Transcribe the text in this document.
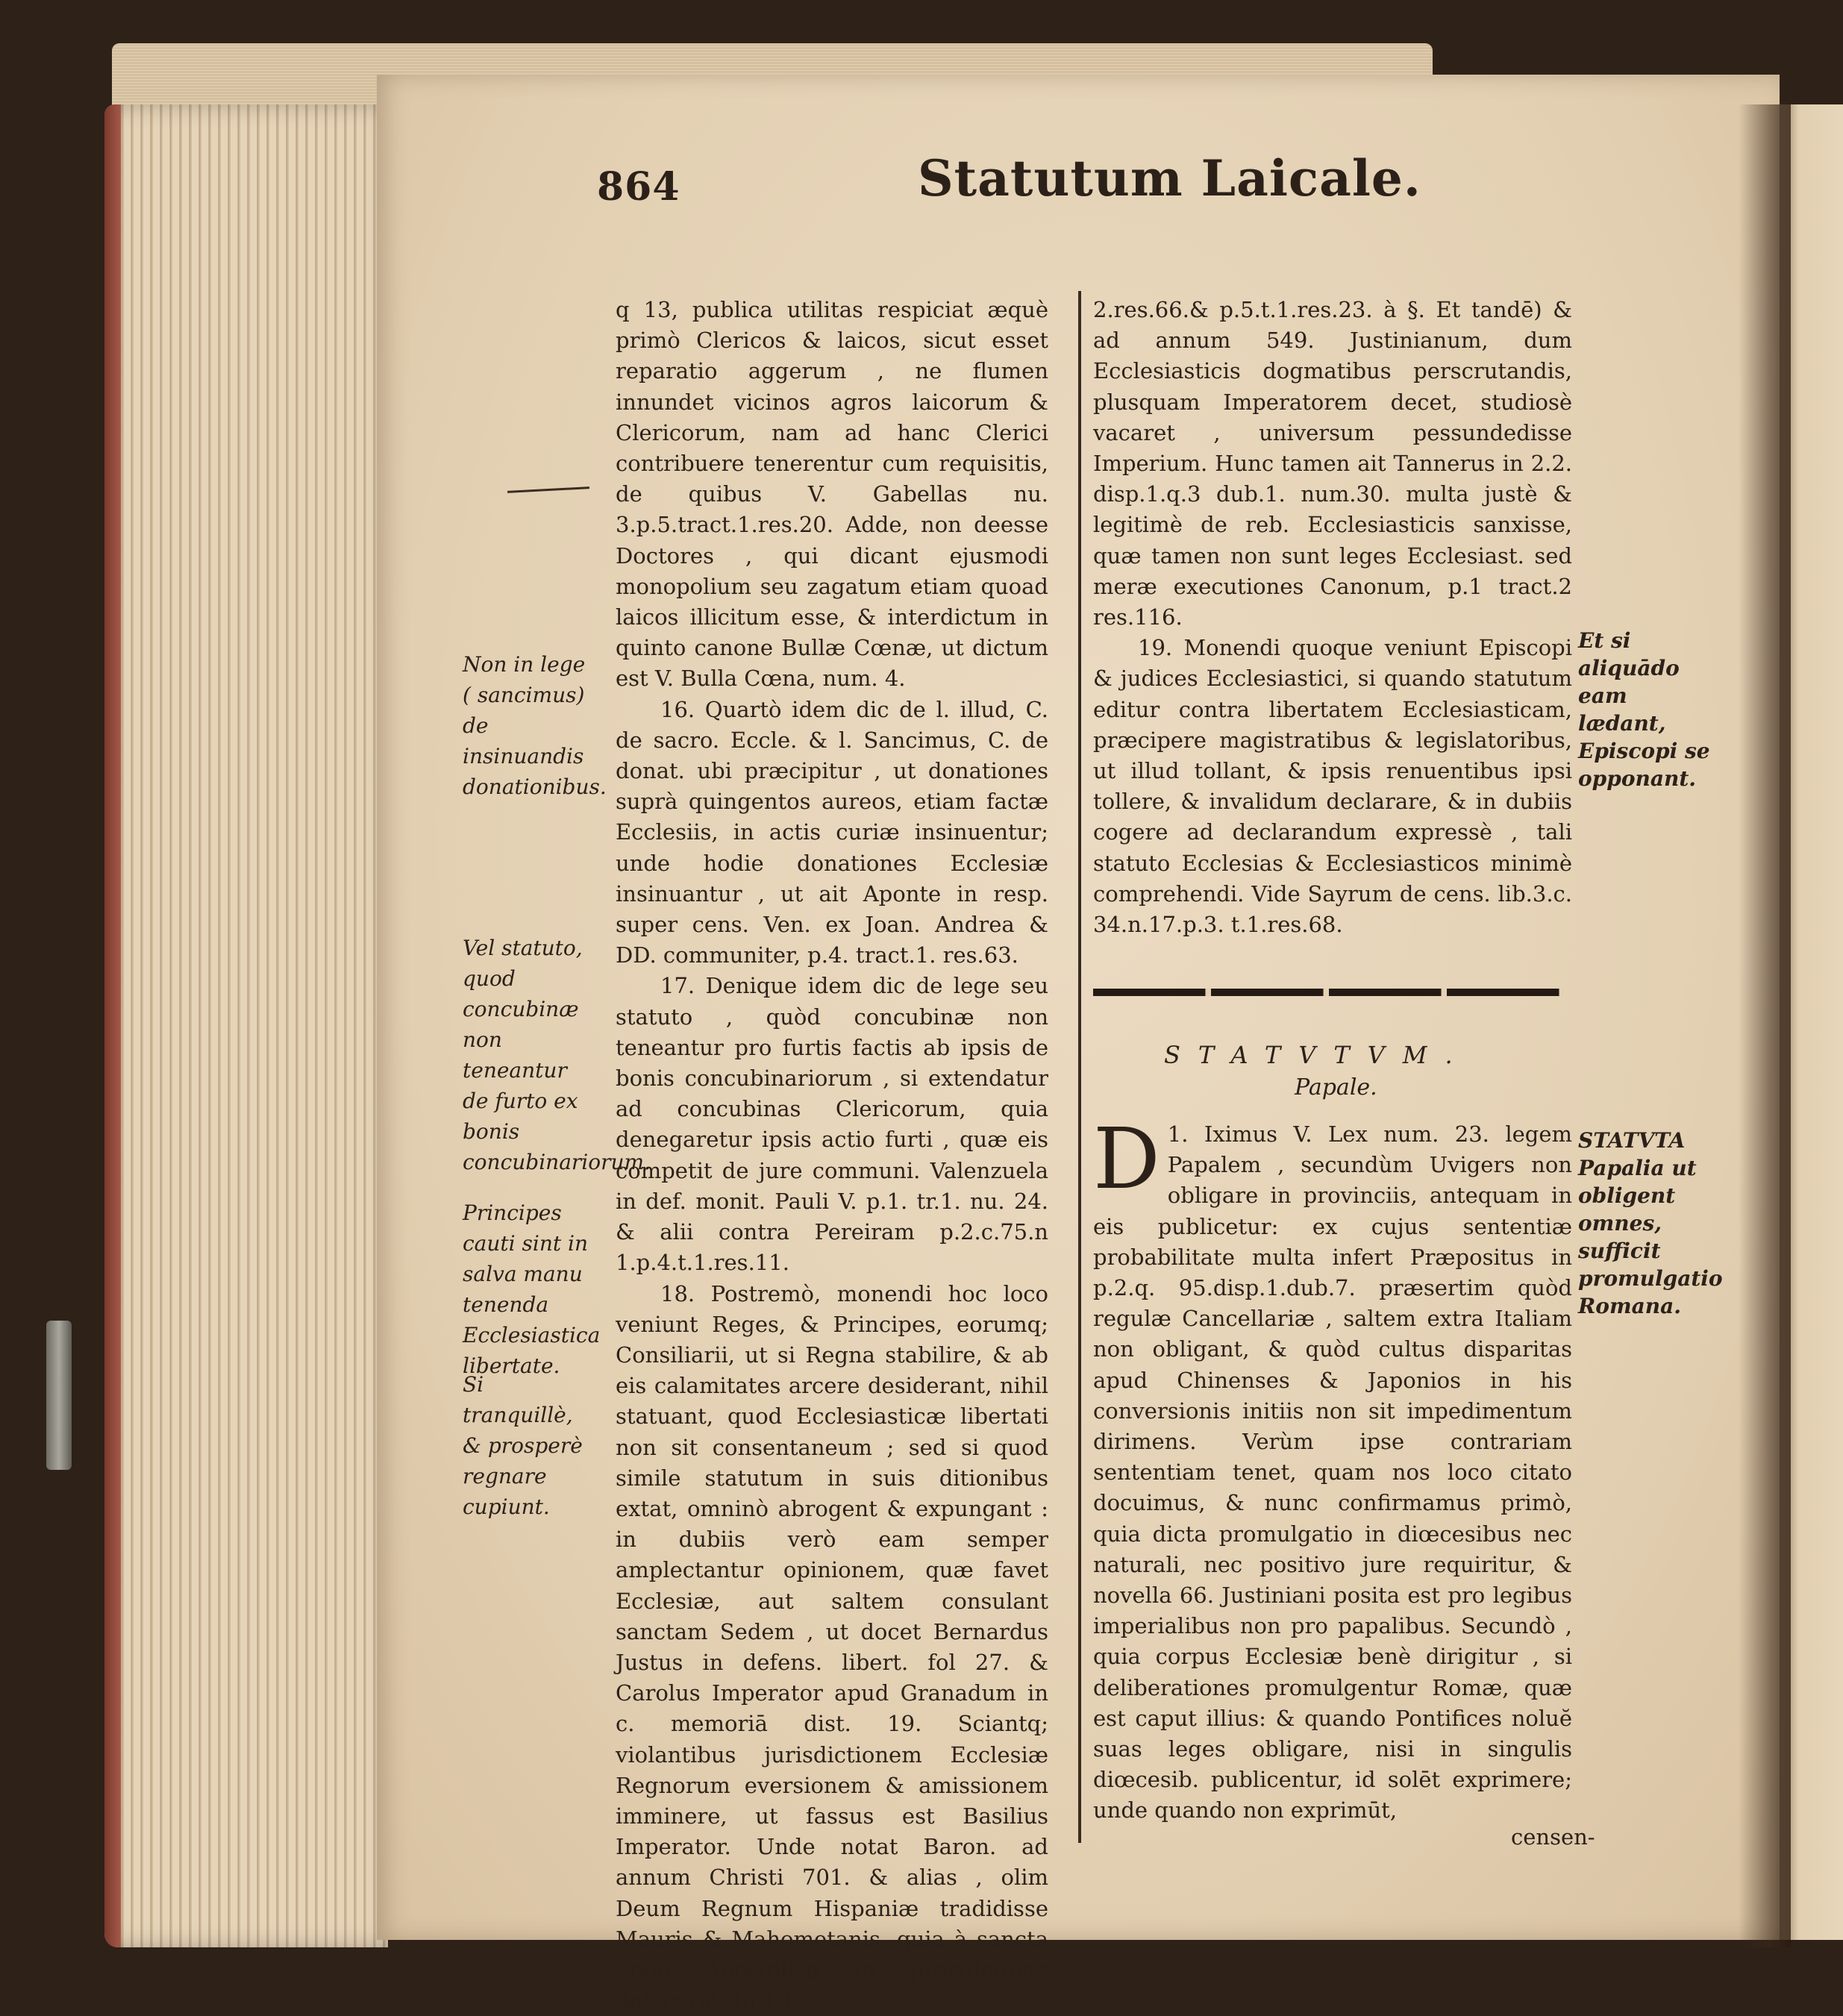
864	Statutum Laicale.

q 13, publica utilitas respiciat æquè primò Clericos & laicos, sicut esset reparatio aggerum , ne flumen innundet vicinos agros laicorum & Clericorum, nam ad hanc Clerici contribuere tenerentur cum requisitis, de quibus V. Gabellas nu. 3.p.5.tract.1.res.20. Adde, non deesse Doctores , qui dicant ejusmodi monopolium seu zagatum etiam quoad laicos illicitum esse, & interdictum in quinto canone Bullæ Cœnæ, ut dictum est V. Bulla Cœna, num. 4.

16. Quartò idem dic de l. illud, C. de sacro. Eccle. & l. Sancimus, C. de donat. ubi præcipitur , ut donationes suprà quingentos aureos, etiam factæ Ecclesiis, in actis curiæ insinuentur; unde hodie donationes Ecclesiæ insinuantur , ut ait Aponte in resp. super cens. Ven. ex Joan. Andrea & DD. communiter, p.4. tract.1. res.63.

17. Denique idem dic de lege seu statuto , quòd concubinæ non teneantur pro furtis factis ab ipsis de bonis concubinariorum , si extendatur ad concubinas Clericorum, quia denegaretur ipsis actio furti , quæ eis competit de jure communi. Valenzuela in def. monit. Pauli V. p.1. tr.1. nu. 24. & alii contra Pereiram p.2.c.75.n 1.p.4.t.1.res.11.

18. Postremò, monendi hoc loco veniunt Reges, & Principes, eorumq; Consiliarii, ut si Regna stabilire, & ab eis calamitates arcere desiderant, nihil statuant, quod Ecclesiasticæ libertati non sit consentaneum ; sed si quod simile statutum in suis ditionibus extat, omninò abrogent & expungant : in dubiis verò eam semper amplectantur opinionem, quæ favet Ecclesiæ, aut saltem consulant sanctam Sedem , ut docet Bernardus Justus in defens. libert. fol 27. & Carolus Imperator apud Granadum in c. memoriā dist. 19. Sciantq; violantibus jurisdictionem Ecclesiæ Regnorum eversionem & amissionem imminere, ut fassus est Basilius Imperator. Unde notat Baron. ad annum Christi 701. & alias , olim Deum Regnum Hispaniæ tradidisse Mauris & Mahometanis, quia à sancta Sede Apostolica in jurisdictione defecerat, (p.1.t.

2.res.66.& p.5.t.1.res.23. à §. Et tandē) & ad annum 549. Justinianum, dum Ecclesiasticis dogmatibus perscrutandis, plusquam Imperatorem decet, studiosè vacaret , universum pessundedisse Imperium. Hunc tamen ait Tannerus in 2.2. disp.1.q.3 dub.1. num.30. multa justè & legitimè de reb. Ecclesiasticis sanxisse, quæ tamen non sunt leges Ecclesiast. sed meræ executiones Canonum, p.1 tract.2 res.116.

19. Monendi quoque veniunt Episcopi & judices Ecclesiastici, si quando statutum editur contra libertatem Ecclesiasticam, præcipere magistratibus & legislatoribus, ut illud tollant, & ipsis renuentibus ipsi tollere, & invalidum declarare, & in dubiis cogere ad declarandum expressè , tali statuto Ecclesias & Ecclesiasticos minimè comprehendi. Vide Sayrum de cens. lib.3.c. 34.n.17.p.3. t.1.res.68.

STATVTVM.
Papale.

D 1. Iximus V. Lex num. 23. legem Papalem , secundùm Uvigers non obligare in provinciis, antequam in eis publicetur: ex cujus sententiæ probabilitate multa infert Præpositus in p.2.q. 95.disp.1.dub.7. præsertim quòd regulæ Cancellariæ , saltem extra Italiam non obligant, & quòd cultus disparitas apud Chinenses & Japonios in his conversionis initiis non sit impedimentum dirimens. Verùm ipse contrariam sententiam tenet, quam nos loco citato docuimus, & nunc confirmamus primò, quia dicta promulgatio in diœcesibus nec naturali, nec positivo jure requiritur, & novella 66. Justiniani posita est pro legibus imperialibus non pro papalibus. Secundò , quia corpus Ecclesiæ benè dirigitur , si deliberationes promulgentur Romæ, quæ est caput illius: & quando Pontifices noluĕ suas leges obligare, nisi in singulis diœcesib. publicentur, id solēt exprimere; unde quando non exprimūt,

censen-
Non in lege ( sancimus) de insinuandis donationibus.
Vel statuto, quod concubinæ non teneantur de furto ex bonis concubinariorum.
Principes cauti sint in salva manu tenenda Ecclesiastica libertate.
Si tranquillè, & prosperè regnare cupiunt.
Et si aliquādo eam lædant, Episcopi se opponant.
STATVTA Papalia ut obligent omnes, sufficit promulgatio Romana.
